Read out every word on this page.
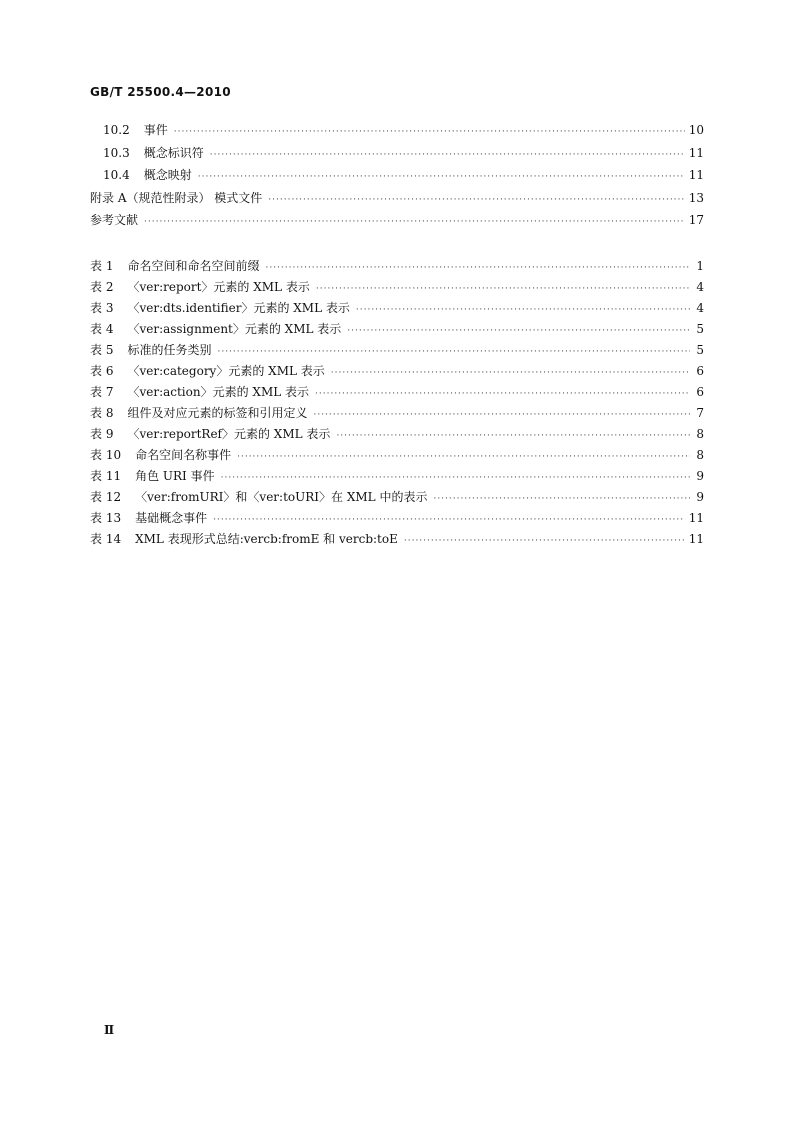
GB/T 25500.4—2010
10.2 事件 ·····	10
10.3 概念标识符 ·····	11
10.4 概念映射 ·····	11
附录 A（规范性附录） 模式文件 ·····	13
参考文献 ·····	17
表 1 命名空间和命名空间前缀 ·····	1
表 2 〈ver:report〉元素的 XML 表示 ·····	4
表 3 〈ver:dts.identifier〉元素的 XML 表示 ·····	4
表 4 〈ver:assignment〉元素的 XML 表示 ·····	5
表 5 标准的任务类别 ·····	5
表 6 〈ver:category〉元素的 XML 表示 ·····	6
表 7 〈ver:action〉元素的 XML 表示 ·····	6
表 8 组件及对应元素的标签和引用定义 ·····	7
表 9 〈ver:reportRef〉元素的 XML 表示 ·····	8
表 10 命名空间名称事件 ·····	8
表 11 角色 URI 事件 ·····	9
表 12 〈ver:fromURI〉和〈ver:toURI〉在 XML 中的表示 ·····	9
表 13 基础概念事件 ·····	11
表 14 XML 表现形式总结:vercb:fromE 和 vercb:toE ·····	11
Ⅱ
